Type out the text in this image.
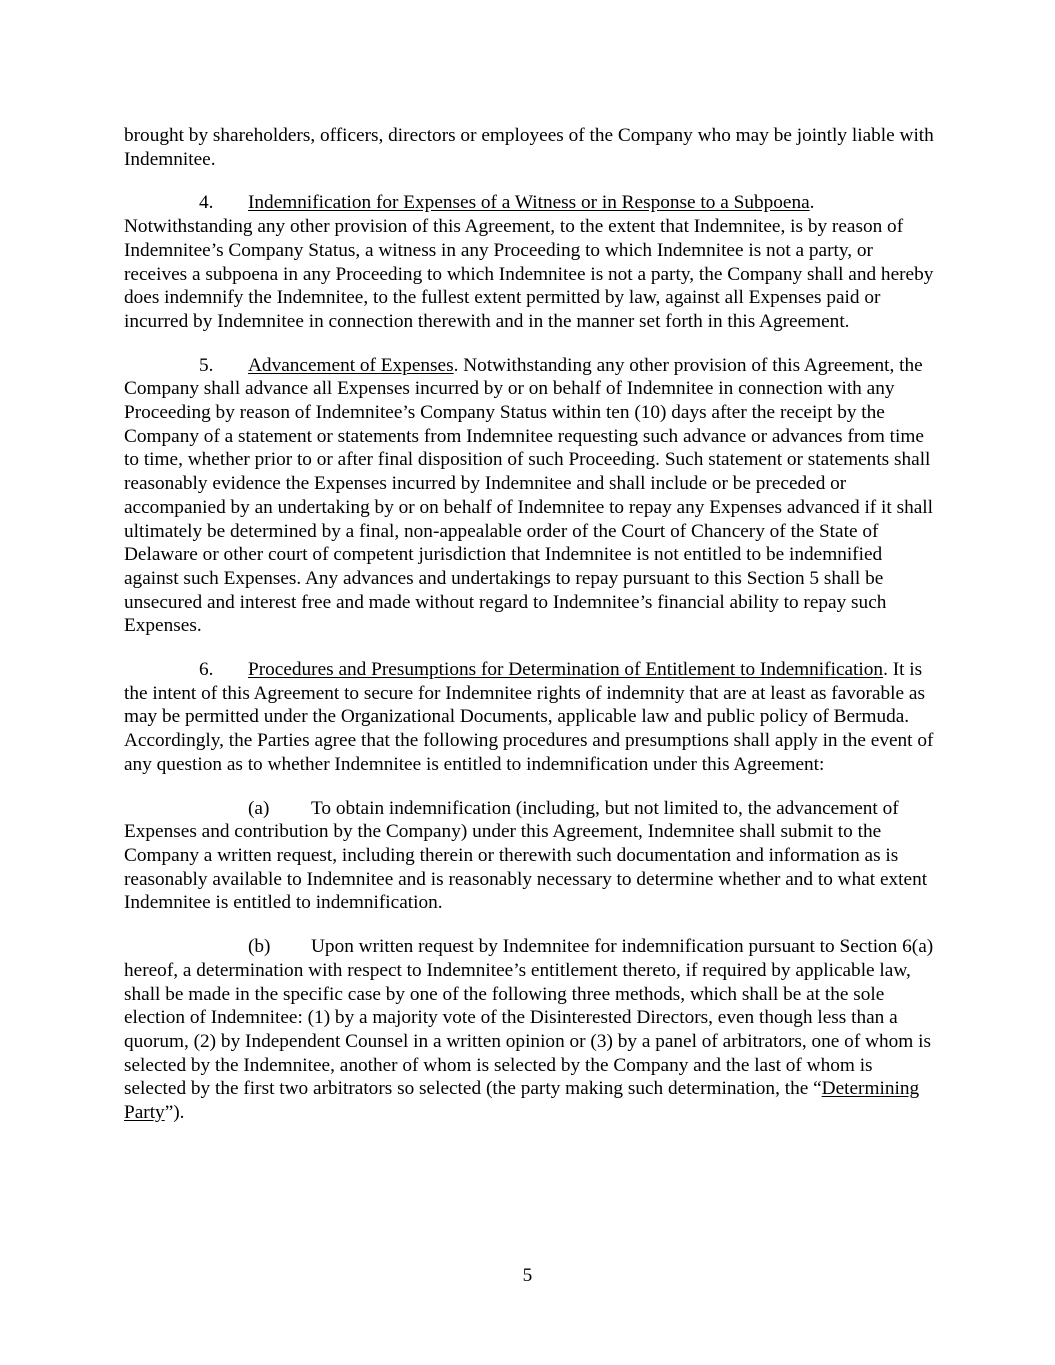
brought by shareholders, officers, directors or employees of the Company who may be jointly liable with Indemnitee.

4. Indemnification for Expenses of a Witness or in Response to a Subpoena. Notwithstanding any other provision of this Agreement, to the extent that Indemnitee, is by reason of Indemnitee’s Company Status, a witness in any Proceeding to which Indemnitee is not a party, or receives a subpoena in any Proceeding to which Indemnitee is not a party, the Company shall and hereby does indemnify the Indemnitee, to the fullest extent permitted by law, against all Expenses paid or incurred by Indemnitee in connection therewith and in the manner set forth in this Agreement.

5. Advancement of Expenses. Notwithstanding any other provision of this Agreement, the Company shall advance all Expenses incurred by or on behalf of Indemnitee in connection with any Proceeding by reason of Indemnitee’s Company Status within ten (10) days after the receipt by the Company of a statement or statements from Indemnitee requesting such advance or advances from time to time, whether prior to or after final disposition of such Proceeding. Such statement or statements shall reasonably evidence the Expenses incurred by Indemnitee and shall include or be preceded or accompanied by an undertaking by or on behalf of Indemnitee to repay any Expenses advanced if it shall ultimately be determined by a final, non-appealable order of the Court of Chancery of the State of Delaware or other court of competent jurisdiction that Indemnitee is not entitled to be indemnified against such Expenses. Any advances and undertakings to repay pursuant to this Section 5 shall be unsecured and interest free and made without regard to Indemnitee’s financial ability to repay such Expenses.

6. Procedures and Presumptions for Determination of Entitlement to Indemnification. It is the intent of this Agreement to secure for Indemnitee rights of indemnity that are at least as favorable as may be permitted under the Organizational Documents, applicable law and public policy of Bermuda. Accordingly, the Parties agree that the following procedures and presumptions shall apply in the event of any question as to whether Indemnitee is entitled to indemnification under this Agreement:

(a) To obtain indemnification (including, but not limited to, the advancement of Expenses and contribution by the Company) under this Agreement, Indemnitee shall submit to the Company a written request, including therein or therewith such documentation and information as is reasonably available to Indemnitee and is reasonably necessary to determine whether and to what extent Indemnitee is entitled to indemnification.

(b) Upon written request by Indemnitee for indemnification pursuant to Section 6(a) hereof, a determination with respect to Indemnitee’s entitlement thereto, if required by applicable law, shall be made in the specific case by one of the following three methods, which shall be at the sole election of Indemnitee: (1) by a majority vote of the Disinterested Directors, even though less than a quorum, (2) by Independent Counsel in a written opinion or (3) by a panel of arbitrators, one of whom is selected by the Indemnitee, another of whom is selected by the Company and the last of whom is selected by the first two arbitrators so selected (the party making such determination, the “Determining Party”).

5
